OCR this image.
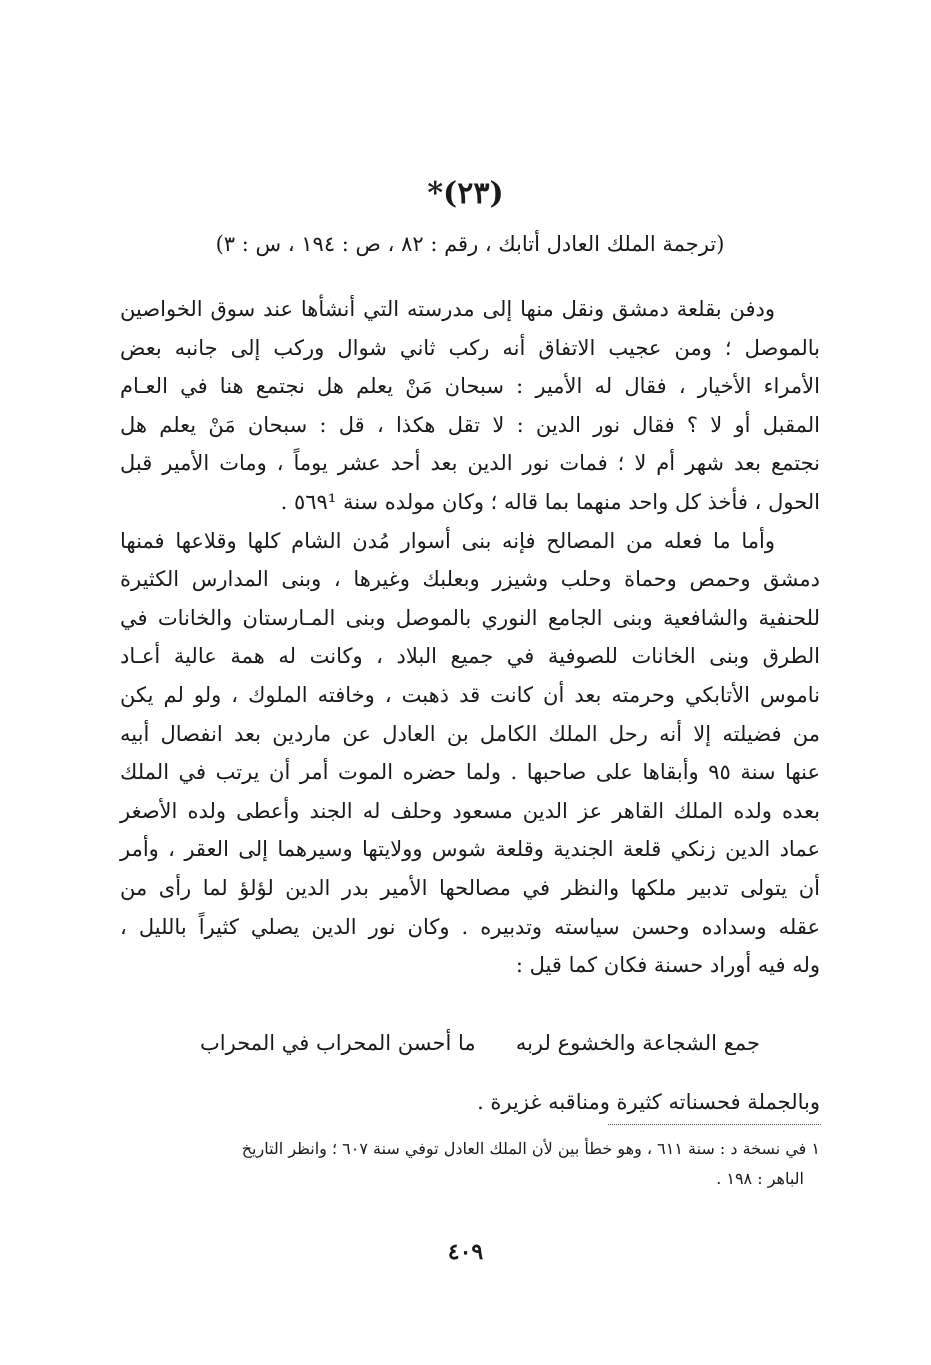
(٢٣)*
(ترجمة الملك العادل أتابك ، رقم : ٨٢ ، ص : ١٩٤ ، س : ٣)
ودفن بقلعة دمشق ونقل منها إلى مدرسته التي أنشأها عند سوق الخواصين
بالموصل ؛ ومن عجيب الاتفاق أنه ركب ثاني شوال وركب إلى جانبه بعض
الأمراء الأخيار ، فقال له الأمير : سبحان مَنْ يعلم هل نجتمع هنا في العـام
المقبل أو لا ؟ فقال نور الدين : لا تقل هكذا ، قل : سبحان مَنْ يعلم هل
نجتمع بعد شهر أم لا ؛ فمات نور الدين بعد أحد عشر يوماً ، ومات الأمير قبل
الحول ، فأخذ كل واحد منهما بما قاله ؛ وكان مولده سنة ٥٦٩¹ .
وأما ما فعله من المصالح فإنه بنى أسوار مُدن الشام كلها وقلاعها فمنها
دمشق وحمص وحماة وحلب وشيزر وبعلبك وغيرها ، وبنى المدارس الكثيرة
للحنفية والشافعية وبنى الجامع النوري بالموصل وبنى المـارستان والخانات في
الطرق وبنى الخانات للصوفية في جميع البلاد ، وكانت له همة عالية أعـاد
ناموس الأتابكي وحرمته بعد أن كانت قد ذهبت ، وخافته الملوك ، ولو لم يكن
من فضيلته إلا أنه رحل الملك الكامل بن العادل عن ماردين بعد انفصال أبيه
عنها سنة ٩٥ وأبقاها على صاحبها . ولما حضره الموت أمر أن يرتب في الملك
بعده ولده الملك القاهر عز الدين مسعود وحلف له الجند وأعطى ولده الأصغر
عماد الدين زنكي قلعة الجندية وقلعة شوس وولايتها وسيرهما إلى العقر ، وأمر
أن يتولى تدبير ملكها والنظر في مصالحها الأمير بدر الدين لؤلؤ لما رأى من
عقله وسداده وحسن سياسته وتدبيره . وكان نور الدين يصلي كثيراً بالليل ،
وله فيه أوراد حسنة فكان كما قيل :
جمع الشجاعة والخشوع لربه
ما أحسن المحراب في المحراب
وبالجملة فحسناته كثيرة ومناقبه غزيرة .
١ في نسخة د : سنة ٦١١ ، وهو خطأ بين لأن الملك العادل توفي سنة ٦٠٧ ؛ وانظر التاريخ
الباهر : ١٩٨ .
٤٠٩
